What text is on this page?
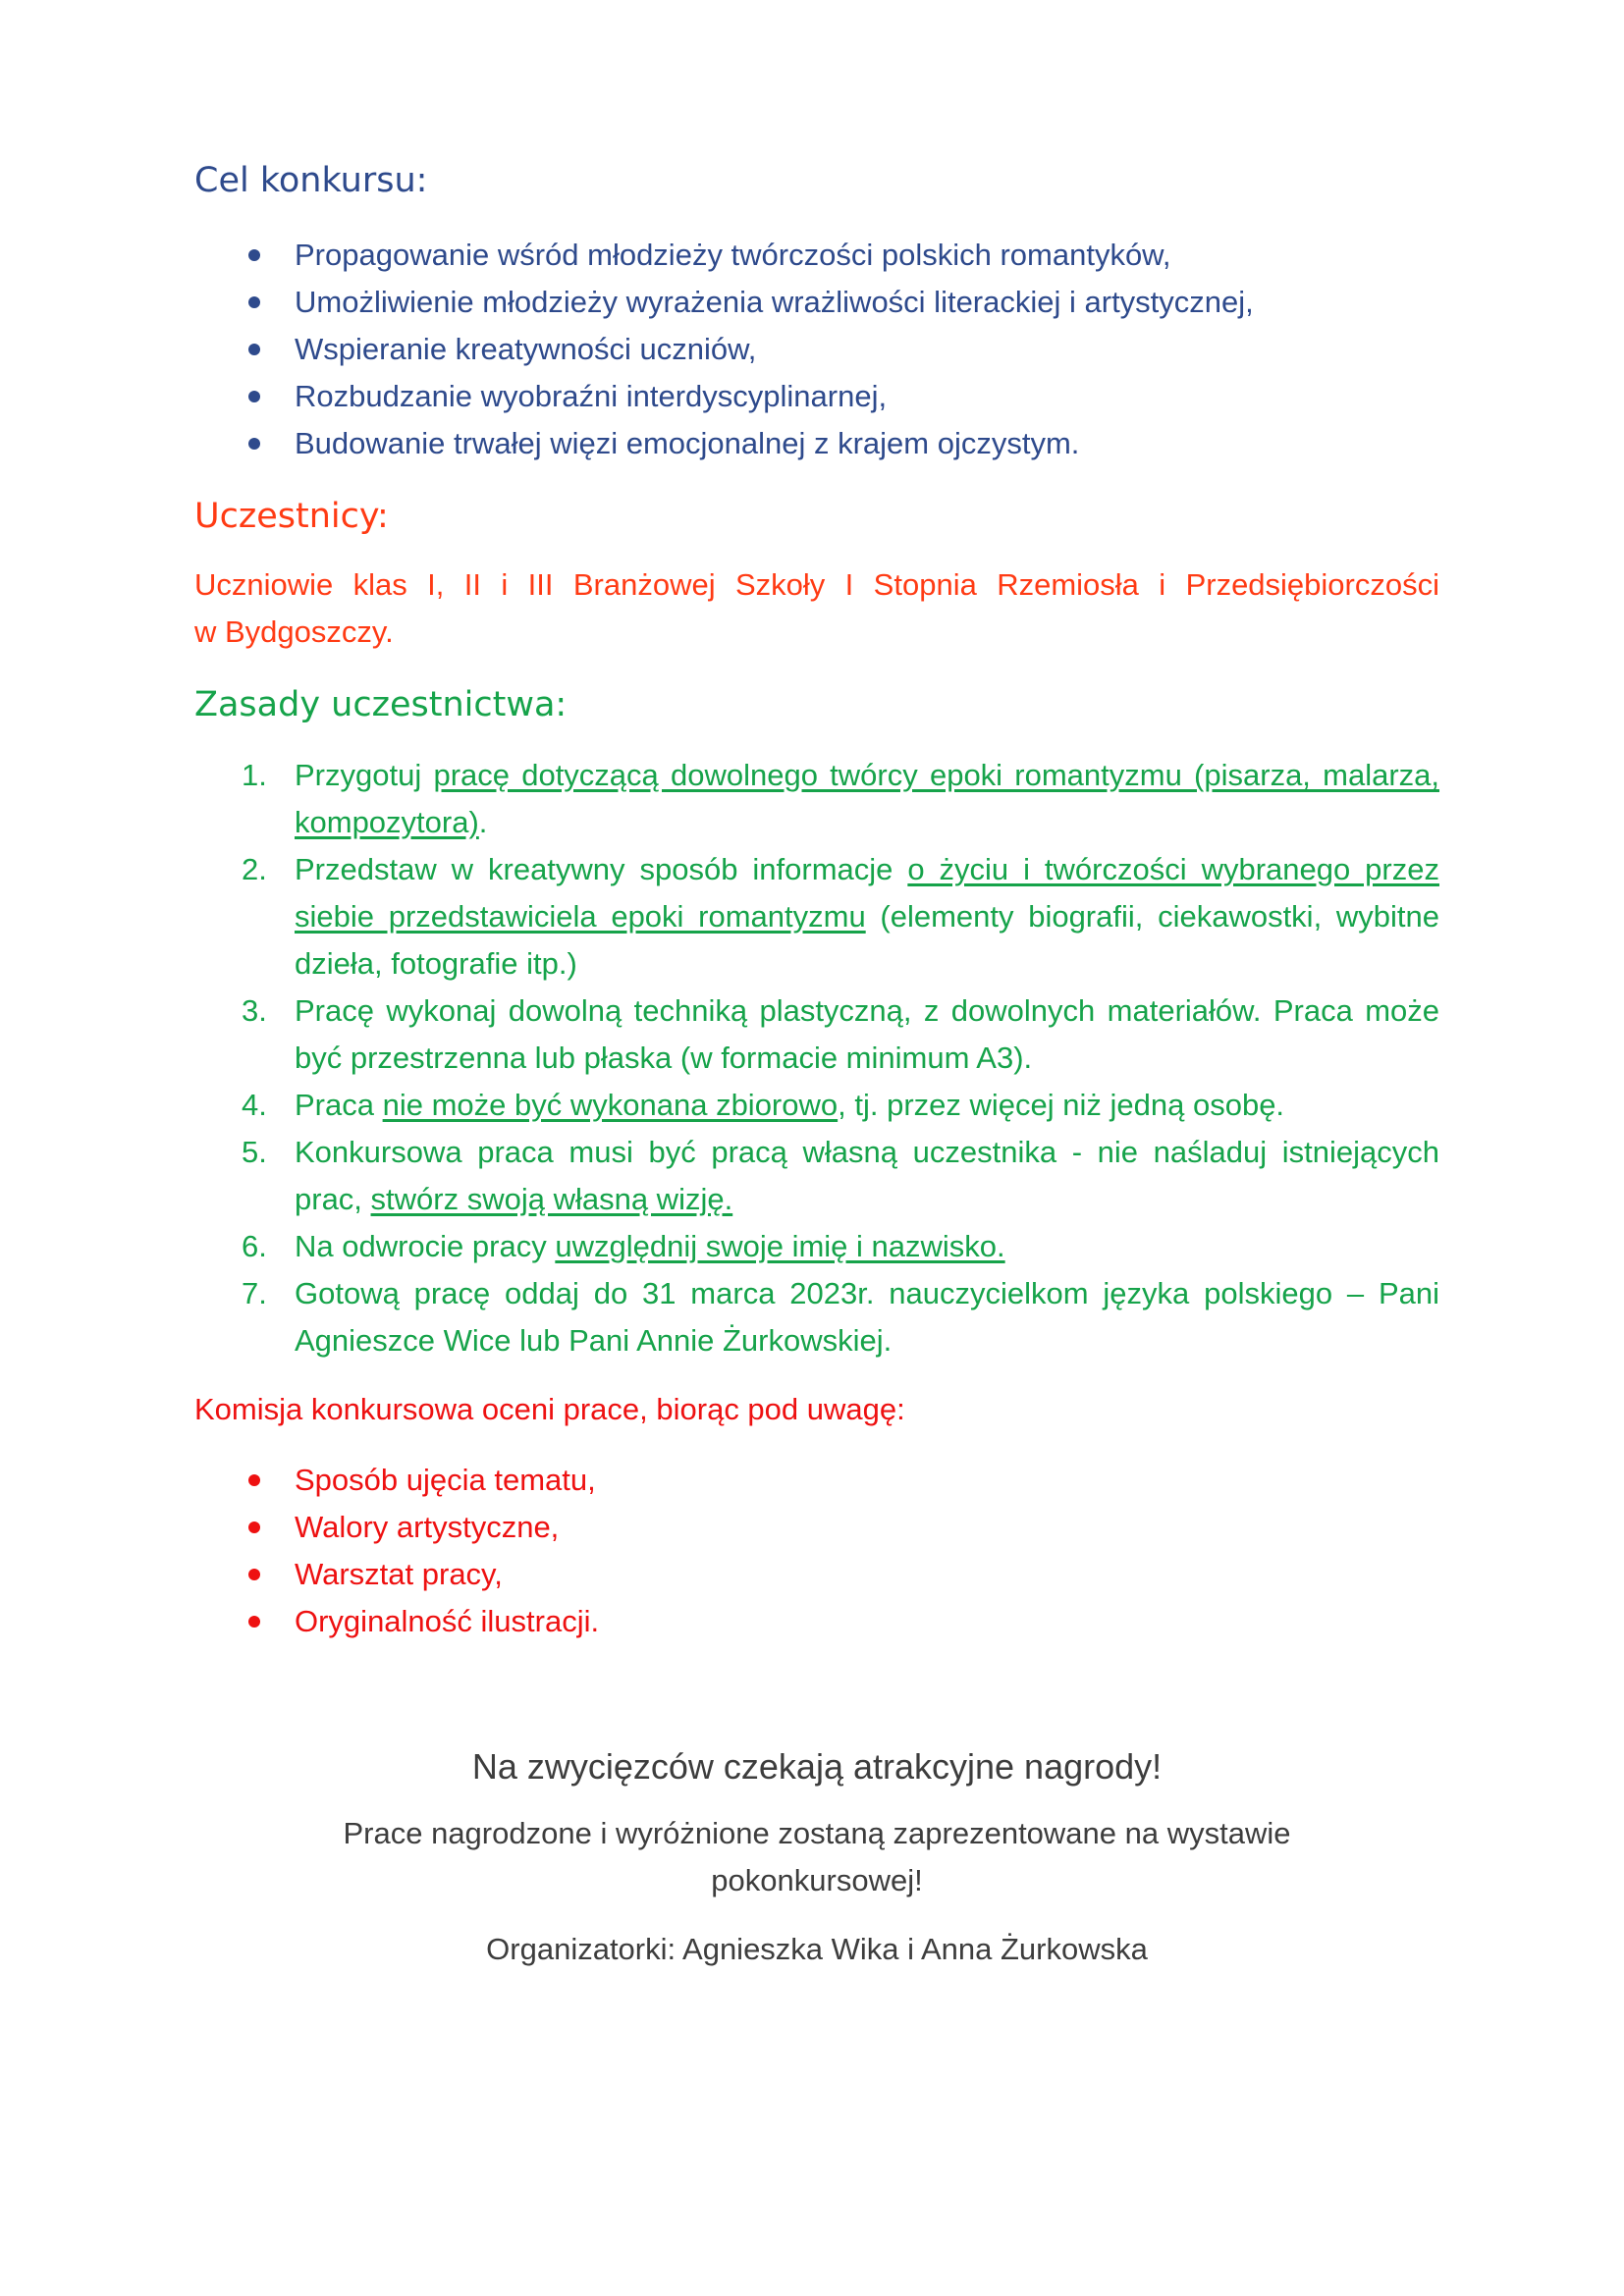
Cel konkursu:
Propagowanie wśród młodzieży twórczości polskich romantyków,
Umożliwienie młodzieży wyrażenia wrażliwości literackiej i artystycznej,
Wspieranie kreatywności uczniów,
Rozbudzanie wyobraźni interdyscyplinarnej,
Budowanie trwałej więzi emocjonalnej z krajem ojczystym.
Uczestnicy:

Uczniowie klas I, II i III Branżowej Szkoły I Stopnia Rzemiosła i Przedsiębiorczości
w Bydgoszczy.

Zasady uczestnictwa:
1. Przygotuj pracę dotyczącą dowolnego twórcy epoki romantyzmu (pisarza, malarza, kompozytora).
2. Przedstaw w kreatywny sposób informacje o życiu i twórczości wybranego przez siebie przedstawiciela epoki romantyzmu (elementy biografii, ciekawostki, wybitne dzieła, fotografie itp.)
3. Pracę wykonaj dowolną techniką plastyczną, z dowolnych materiałów. Praca może być przestrzenna lub płaska (w formacie minimum A3).
4. Praca nie może być wykonana zbiorowo, tj. przez więcej niż jedną osobę.
5. Konkursowa praca musi być pracą własną uczestnika - nie naśladuj istniejących prac, stwórz swoją własną wizję.
6. Na odwrocie pracy uwzględnij swoje imię i nazwisko.
7. Gotową pracę oddaj do 31 marca 2023r. nauczycielkom języka polskiego – Pani Agnieszce Wice lub Pani Annie Żurkowskiej.

Komisja konkursowa oceni prace, biorąc pod uwagę:

Sposób ujęcia tematu,
Walory artystyczne,
Warsztat pracy,
Oryginalność ilustracji.

Na zwycięzców czekają atrakcyjne nagrody!

Prace nagrodzone i wyróżnione zostaną zaprezentowane na wystawie
pokonkursowej!

Organizatorki: Agnieszka Wika i Anna Żurkowska
